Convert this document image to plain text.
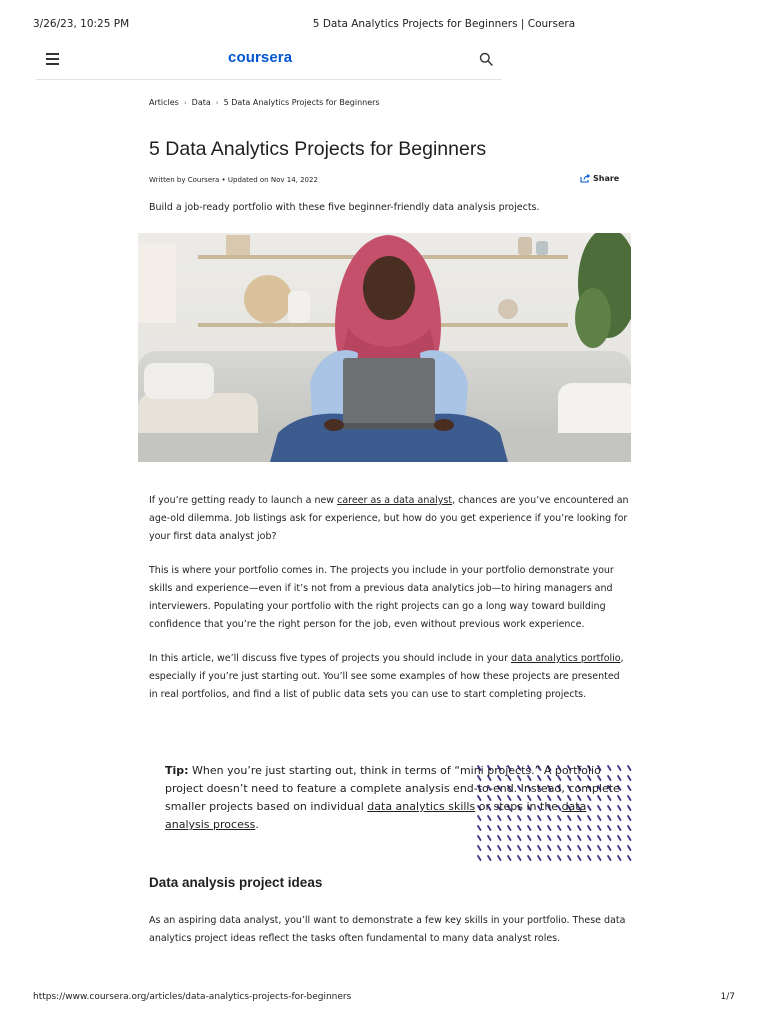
3/26/23, 10:25 PM	5 Data Analytics Projects for Beginners | Coursera
coursera
Articles › Data › 5 Data Analytics Projects for Beginners
5 Data Analytics Projects for Beginners
Written by Coursera • Updated on Nov 14, 2022	Share
Build a job-ready portfolio with these five beginner-friendly data analysis projects.

If you’re getting ready to launch a new career as a data analyst, chances are you’ve encountered an age-old dilemma. Job listings ask for experience, but how do you get experience if you’re looking for your first data analyst job?

This is where your portfolio comes in. The projects you include in your portfolio demonstrate your skills and experience—even if it’s not from a previous data analytics job—to hiring managers and interviewers. Populating your portfolio with the right projects can go a long way toward building confidence that you’re the right person for the job, even without previous work experience.

In this article, we’ll discuss five types of projects you should include in your data analytics portfolio, especially if you’re just starting out. You’ll see some examples of how these projects are presented in real portfolios, and find a list of public data sets you can use to start completing projects.

Tip: When you’re just starting out, think in terms of “mini projects.” A portfolio project doesn’t need to feature a complete analysis end-to-end. Instead, complete smaller projects based on individual data analytics skills or steps in the data analysis process.
Data analysis project ideas

As an aspiring data analyst, you’ll want to demonstrate a few key skills in your portfolio. These data analytics project ideas reflect the tasks often fundamental to many data analyst roles.

https://www.coursera.org/articles/data-analytics-projects-for-beginners	1/7
